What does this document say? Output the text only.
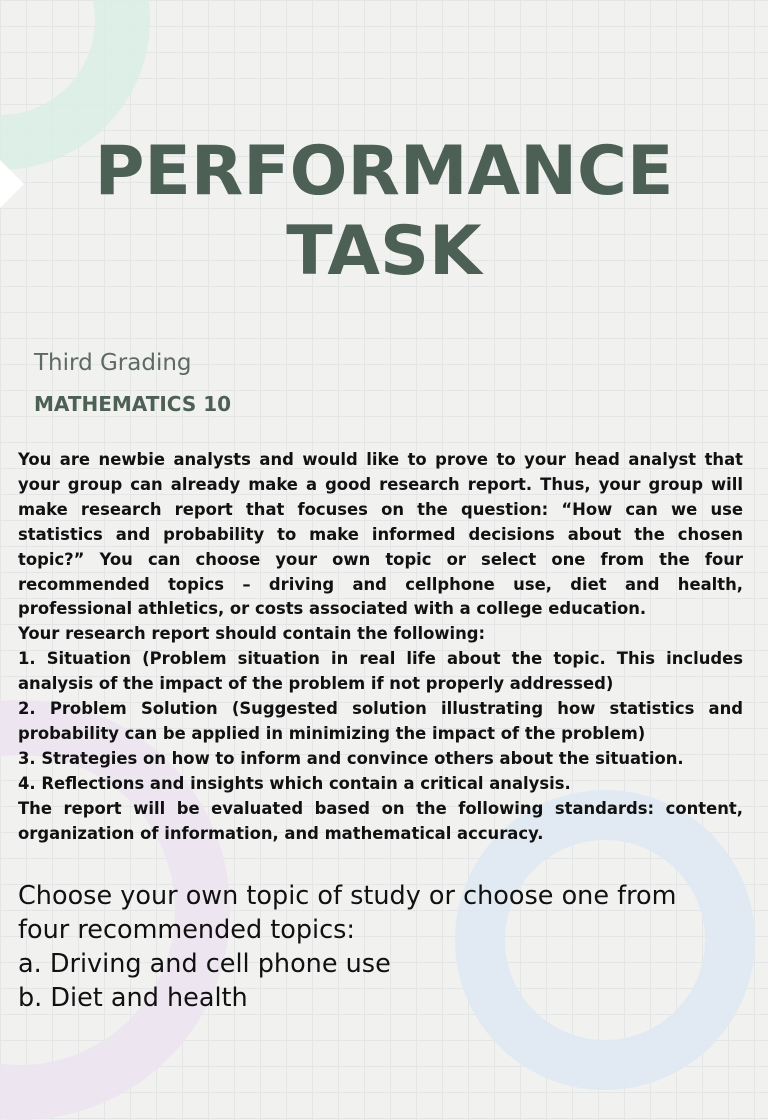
PERFORMANCE
TASK

Third Grading

MATHEMATICS 10

You are newbie analysts and would like to prove to your head analyst that your group can already make a good research report. Thus, your group will make research report that focuses on the question: “How can we use statistics and probability to make informed decisions about the chosen topic?” You can choose your own topic or select one from the four recommended topics – driving and cellphone use, diet and health, professional athletics, or costs associated with a college education.
Your research report should contain the following:
1. Situation (Problem situation in real life about the topic. This includes analysis of the impact of the problem if not properly addressed)
2. Problem Solution (Suggested solution illustrating how statistics and probability can be applied in minimizing the impact of the problem)
3. Strategies on how to inform and convince others about the situation.
4. Reflections and insights which contain a critical analysis.
The report will be evaluated based on the following standards: content, organization of information, and mathematical accuracy.
Choose your own topic of study or choose one from
four recommended topics:
a. Driving and cell phone use
b. Diet and health
